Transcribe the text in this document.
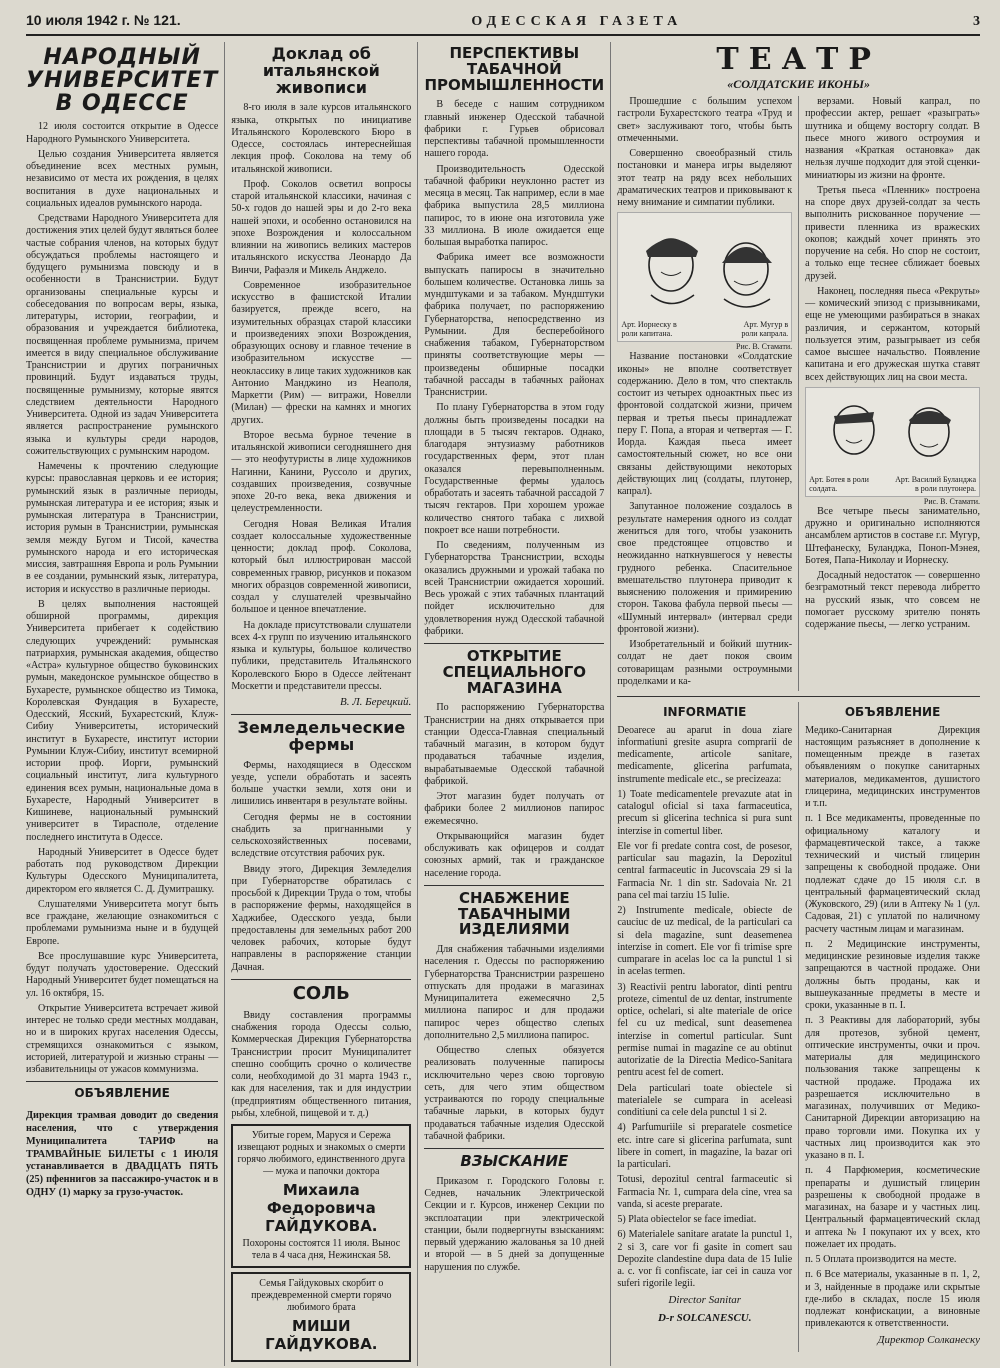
10 июля 1942 г. № 121.	ОДЕССКАЯ ГАЗЕТА	3
НАРОДНЫЙ УНИВЕРСИТЕТ В ОДЕССЕ

12 июля состоится открытие в Одессе Народного Румынского Университета.

Целью создания Университета является объединение всех местных румын, независимо от места их рождения, в целях воспитания в духе национальных и социальных идеалов румынского народа.

Средствами Народного Университета для достижения этих целей будут являться более частые собрания членов, на которых будут обсуждаться проблемы настоящего и будущего румынизма повсюду и в особенности в Транснистрии. Будут организованы специальные курсы и собеседования по вопросам веры, языка, литературы, истории, географии, и образования и учреждается библиотека, посвященная проблеме румынизма, причем имеется в виду специальное обслуживание Транснистрии и других пограничных провинций. Будут издаваться труды, посвященные румынизму, которые явятся следствием деятельности Народного Университета. Одной из задач Университета является распространение румынского языка и культуры среди народов, сожительствующих с румынским народом.

Намечены к прочтению следующие курсы: православная церковь и ее история; румынский язык в различные периоды, румынская литература и ее история; язык и румынская литература в Транснистрии, история румын в Транснистрии, румынская земля между Бугом и Тисой, качества румынского народа и его историческая миссия, завтрашняя Европа и роль Румынии в ее создании, румынский язык, литература, история и искусство в различные периоды.

В целях выполнения настоящей обширной программы, дирекция Университета прибегает к содействию следующих учреждений: румынская патриархия, румынская академия, общество «Астра» культурное общество буковинских румын, македонское румынское общество в Бухаресте, румынское общество из Тимока, Королевская Фундация в Бухаресте, Одесский, Ясский, Бухарестский, Клуж-Сибиу Университеты, исторический институт в Бухаресте, институт истории Румынии Клуж-Сибиу, институт всемирной истории проф. Иорги, румынский социальный институт, лига культурного единения всех румын, национальные дома в Бухаресте, Народный Университет в Кишиневе, национальный румынский университет в Тирасполе, отделение последнего института в Одессе.

Народный Университет в Одессе будет работать под руководством Дирекции Культуры Одесского Муниципалитета, директором его является С. Д. Думитрашку.

Слушателями Университета могут быть все граждане, желающие ознакомиться с проблемами румынизма ныне и в будущей Европе.

Все прослушавшие курс Университета, будут получать удостоверение. Одесский Народный Университет будет помещаться на ул. 16 октября, 15.

Открытие Университета встречает живой интерес не только среди местных молдаван, но и в широких кругах населения Одессы, стремящихся ознакомиться с языком, историей, литературой и жизнью страны — избавительницы от ужасов коммунизма.

ОБЪЯВЛЕНИЕ

Дирекция трамвая доводит до сведения населения, что с утверждения Муниципалитета ТАРИФ на ТРАМВАЙНЫЕ БИЛЕТЫ с 1 ИЮЛЯ устанавливается в ДВАДЦАТЬ ПЯТЬ (25) пфеннигов за пассажиро-участок и в ОДНУ (1) марку за грузо-участок.

Доклад об итальянской живописи

8-го июля в зале курсов итальянского языка, открытых по инициативе Итальянского Королевского Бюро в Одессе, состоялась интереснейшая лекция проф. Соколова на тему об итальянской живописи.

Проф. Соколов осветил вопросы старой итальянской классики, начиная с 50-х годов до нашей эры и до 2-го века нашей эпохи, и особенно остановился на эпохе Возрождения и колоссальном влиянии на живопись великих мастеров итальянского искусства Леонардо Да Винчи, Рафаэля и Микель Анджело.

Современное изобразительное искусство в фашистской Италии базируется, прежде всего, на изумительных образцах старой классики и произведениях эпохи Возрождения, образующих основу и главное течение в изобразительном искусстве — неоклассику в лице таких художников как Антонио Манджино из Неаполя, Маркетти (Рим) — витражи, Новелли (Милан) — фрески на камнях и многих других.

Второе весьма бурное течение в итальянской живописи сегодняшнего дня — это неофутуристы в лице художников Нагинни, Канини, Руссоло и других, создавших произведения, созвучные эпохе 20-го века, века движения и целеустремленности.

Сегодня Новая Великая Италия создает колоссальные художественные ценности; доклад проф. Соколова, который был иллюстрирован массой современных гравюр, рисунков и показом многих образцов современной живописи, создал у слушателей чрезвычайно большое и ценное впечатление.

На докладе присутствовали слушатели всех 4-х групп по изучению итальянского языка и культуры, большое количество публики, представитель Итальянского Королевского Бюро в Одессе лейтенант Москетти и представители прессы.

В. Л. Берецкий.
Земледельческие фермы

Фермы, находящиеся в Одесском уезде, успели обработать и засеять больше участки земли, хотя они и лишились инвентаря в результате войны.

Сегодня фермы не в состоянии снабдить за пригнанными у сельскохозяйственных посевами, вследствие отсутствия рабочих рук.

Ввиду этого, Дирекция Земледелия при Губернаторстве обратилась с просьбой к Дирекции Труда о том, чтобы в распоряжение фермы, находящейся в Хаджибее, Одесского уезда, были предоставлены для земельных работ 200 человек рабочих, которые будут направлены в распоряжение станции Дачная.

СОЛЬ

Ввиду составления программы снабжения города Одессы солью, Коммерческая Дирекция Губернаторства Транснистрии просит Муниципалитет спешно сообщить срочно о количестве соли, необходимой до 31 марта 1943 г., как для населения, так и для индустрии (предприятиям общественного питания, рыбы, хлебной, пищевой и т. д.)

Убитые горем, Маруся и Сережа извещают родных и знакомых о смерти горячо любимого, единственного друга — мужа и папочки доктора
Михаила Федоровича ГАЙДУКОВА.
Похороны состоятся 11 июля. Вынос тела в 4 часа дня, Нежинская 58.
Семья Гайдуковых скорбит о преждевременной смерти горячо любимого брата
МИШИ ГАЙДУКОВА.
ПЕРСПЕКТИВЫ ТАБАЧНОЙ ПРОМЫШЛЕННОСТИ

В беседе с нашим сотрудником главный инженер Одесской табачной фабрики г. Гурьев обрисовал перспективы табачной промышленности нашего города.

Производительность Одесской табачной фабрики неуклонно растет из месяца в месяц. Так например, если в мае фабрика выпустила 28,5 миллиона папирос, то в июне она изготовила уже 33 миллиона. В июле ожидается еще большая выработка папирос.

Фабрика имеет все возможности выпускать папиросы в значительно большем количестве. Остановка лишь за мундштуками и за табаком. Мундштуки фабрика получает, по распоряжению Губернаторства, непосредственно из Румынии. Для бесперебойного снабжения табаком, Губернаторством приняты соответствующие меры — произведены обширные посадки табачной рассады в табачных районах Транснистрии.

По плану Губернаторства в этом году должны быть произведены посадки на площади в 5 тысяч гектаров. Однако, благодаря энтузиазму работников государственных ферм, этот план оказался перевыполненным. Государственные фермы удалось обработать и засеять табачной рассадой 7 тысяч гектаров. При хорошем урожае количество снятого табака с лихвой покроет все наши потребности.

По сведениям, полученным из Губернаторства Транснистрии, всходы оказались дружными и урожай табака по всей Транснистрии ожидается хороший. Весь урожай с этих табачных плантаций пойдет исключительно для удовлетворения нужд Одесской табачной фабрики.

ОТКРЫТИЕ СПЕЦИАЛЬНОГО МАГАЗИНА

По распоряжению Губернаторства Транснистрии на днях открывается при станции Одесса-Главная специальный табачный магазин, в котором будут продаваться табачные изделия, вырабатываемые Одесской табачной фабрикой.

Этот магазин будет получать от фабрики более 2 миллионов папирос ежемесячно.

Открывающийся магазин будет обслуживать как офицеров и солдат союзных армий, так и гражданское население города.

СНАБЖЕНИЕ ТАБАЧНЫМИ ИЗДЕЛИЯМИ

Для снабжения табачными изделиями населения г. Одессы по распоряжению Губернаторства Транснистрии разрешено отпускать для продажи в магазинах Муниципалитета ежемесячно 2,5 миллиона папирос и для продажи папирос через общество слепых дополнительно 2,5 миллиона папирос.

Общество слепых обязуется реализовать полученные папиросы исключительно через свою торговую сеть, для чего этим обществом устраиваются по городу специальные табачные ларьки, в которых будут продаваться табачные изделия Одесской табачной фабрики.

ВЗЫСКАНИЕ

Приказом г. Городского Головы г. Седнев, начальник Электрической Секции и г. Курсов, инженер Секции по эксплоатации при электрической станции, были подвергнуты взысканиям: первый удержанию жалованья за 10 дней и второй — в 5 дней за допущенные нарушения по службе.

ТЕАТР
«СОЛДАТСКИЕ ИКОНЫ»

Прошедшие с большим успехом гастроли Бухарестского театра «Труд и свет» заслуживают того, чтобы быть отмеченными.

Совершенно своеобразный стиль постановки и манера игры выделяют этот театр на ряду всех небольших драматических театров и приковывают к нему внимание и симпатии публики.

Арт. Иорнеску в роли капитана.
Арт. Мугур в роли капрала.
Рис. В. Стамати.

Название постановки «Солдатские иконы» не вполне соответствует содержанию. Дело в том, что спектакль состоит из четырех одноактных пьес из фронтовой солдатской жизни, причем первая и третья пьесы принадлежат перу Г. Попа, а вторая и четвертая — Г. Иорда. Каждая пьеса имеет самостоятельный сюжет, но все они связаны действующими некоторых действующих лиц (солдаты, плутонер, капрал).

Запутанное положение создалось в результате намерения одного из солдат жениться для того, чтобы узаконить свое предстоящее отцовство и неожиданно наткнувшегося у невесты грудного ребенка. Спасительное вмешательство плутонера приводит к выяснению положения и примирению сторон. Такова фабула первой пьесы — «Шумный интервал» (интервал среди фронтовой жизни).

Изобретательный и бойкий шутник-солдат не дает покоя своим сотоварищам разными остроумными проделками и ка-

верзами. Новый капрал, по профессии актер, решает «разыграть» шутника и общему восторгу солдат. В пьесе много живого остроумия и названия «Краткая остановка» дак нельзя лучше подходит для этой сценки-миниатюры из жизни на фронте.

Третья пьеса «Пленник» построена на споре двух друзей-солдат за честь выполнить рискованное поручение — привести пленника из вражеских окопов; каждый хочет принять это поручение на себя. Но спор не состоит, а только еще теснее сближает боевых друзей.

Наконец, последняя пьеса «Рекруты» — комический эпизод с призывниками, еще не умеющими разбираться в знаках различия, и сержантом, который пользуется этим, разыгрывает из себя самое высшее начальство. Появление капитана и его дружеская шутка ставят всех действующих лиц на свои места.

Арт. Ботея в роли солдата.
Арт. Василий Буланджа в роли плутонера.
Рис. В. Стамати.

Все четыре пьесы занимательно, дружно и оригинально исполняются ансамблем артистов в составе г.г. Мугур, Штефанеску, Буланджа, Поноп-Мэнея, Ботея, Папа-Николау и Иорнеску.

Досадный недостаток — совершенно безграмотный текст перевода либретто на русский язык, что совсем не помогает русскому зрителю понять содержание пьесы, — легко устраним.

INFORMATIE

Deoarece au aparut in doua ziare informatiuni gresite asupra comprarii de medicamente, articole sanitare, medicamente, glicerina parfumata, instrumente medicale etc., se precizeaza:

1) Toate medicamentele prevazute atat in catalogul oficial si taxa farmaceutica, precum si glicerina technica si pura sunt interzise in comertul liber.

Ele vor fi predate contra cost, de posesor, particular sau magazin, la Depozitul central farmaceutic in Jucovscaia 29 si la Farmacia Nr. 1 din str. Sadovaia Nr. 21 pana cel mai tarziu 15 Iulie.

2) Instrumente medicale, obiecte de cauciuc de uz medical, de la particulari ca si dela magazine, sunt deasemenea interzise in comert. Ele vor fi trimise spre cumparare in acelas loc ca la punctul 1 si in acelas termen.

3) Reactivii pentru laborator, dinti pentru proteze, cimentul de uz dentar, instrumente optice, ochelari, si alte materiale de orice fel cu uz medical, sunt deasemenea interzise in comertul particular. Sunt permise numai in magazine ce au obtinut autorizatie de la Directia Medico-Sanitara pentru acest fel de comert.

Dela particulari toate obiectele si materialele se cumpara in aceleasi conditiuni ca cele dela punctul 1 si 2.

4) Parfumuriile si preparatele cosmetice etc. intre care si glicerina parfumata, sunt libere in comert, in magazine, la bazar ori la particulari.

Totusi, depozitul central farmaceutic si Farmacia Nr. 1, cumpara dela cine, vrea sa vanda, si aceste preparate.

5) Plata obiectelor se face imediat.

6) Materialele sanitare aratate la punctul 1, 2 si 3, care vor fi gasite in comert sau Depozite clandestine dupa data de 15 Iulie a. c. vor fi confiscate, iar cei in cauza vor suferi rigorile legii.

Director Sanitar
D-r SOLCANESCU.
ОБЪЯВЛЕНИЕ

Медико-Санитарная Дирекция настоящим разъясняет в дополнение к помещенным прежде в газетах объявлениям о покупке санитарных материалов, медикаментов, душистого глицерина, медицинских инструментов и т.п.

п. 1 Все медикаменты, проведенные по официальному каталогу и фармацевтической таксе, а также технический и чистый глицерин запрещены к свободной продаже. Они подлежат сдаче до 15 июля с.г. в центральный фармацевтический склад (Жуковского, 29) (или в Аптеку № 1 (ул. Садовая, 21) с уплатой по наличному расчету частным лицам и магазинам.

п. 2 Медицинские инструменты, медицинские резиновые изделия также запрещаются в частной продаже. Они должны быть проданы, как и вышеуказанные предметы в месте и сроки, указанные в п. I.

п. 3 Реактивы для лабораторий, зубы для протезов, зубной цемент, оптические инструменты, очки и проч. материалы для медицинского пользования также запрещены к частной продаже. Продажа их разрешается исключительно в магазинах, получивших от Медико-Санитарной Дирекции авторизацию на право торговли ими. Покупка их у частных лиц производится как это указано в п. I.

п. 4 Парфюмерия, косметические препараты и душистый глицерин разрешены к свободной продаже в магазинах, на базаре и у частных лиц. Центральный фармацевтический склад и аптека № I покупают их у всех, кто пожелает их продать.

п. 5 Оплата производится на месте.

п. 6 Все материалы, указанные в п. 1, 2, и 3, найденные в продаже или скрытые где-либо в складах, после 15 июля подлежат конфискации, а виновные привлекаются к ответственности.

Директор Солканеску
